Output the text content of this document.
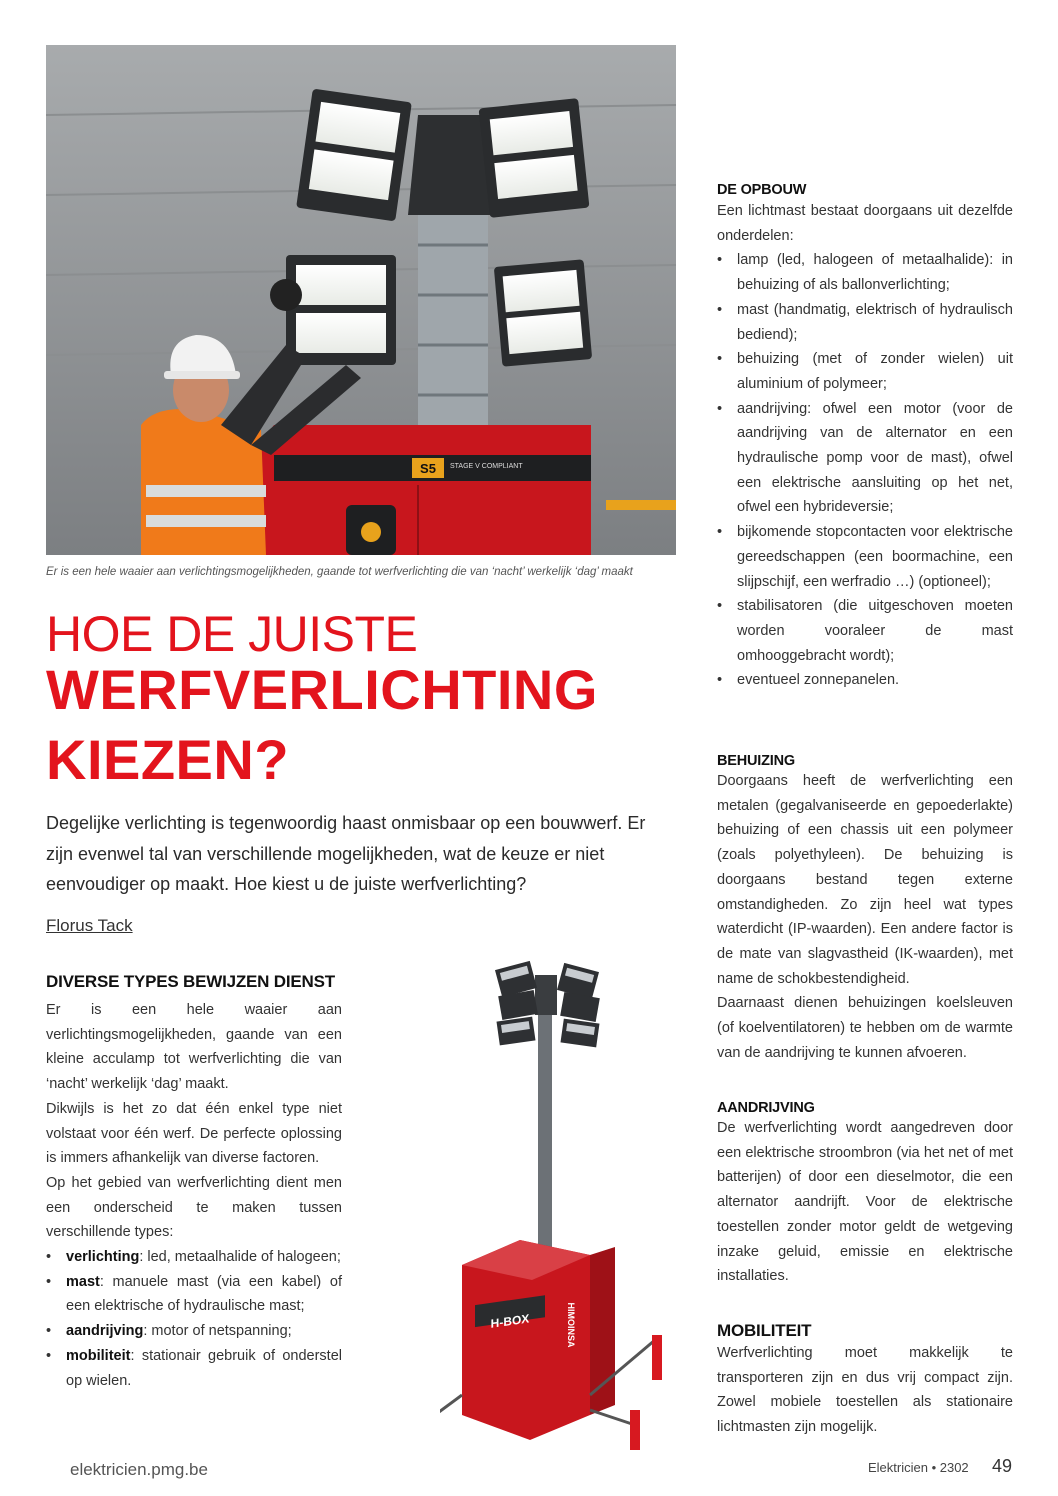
S5 STAGE V COMPLIANT
Er is een hele waaier aan verlichtingsmogelijkheden, gaande tot werfverlichting die van ‘nacht’ werkelijk ‘dag’ maakt
HOE DE JUISTE
WERFVERLICHTING
KIEZEN?
Degelijke verlichting is tegenwoordig haast onmisbaar op een bouwwerf. Er zijn evenwel tal van verschillende mogelijkheden, wat de keuze er niet eenvoudiger op maakt. Hoe kiest u de juiste werfverlichting?
Florus Tack
DIVERSE TYPES BEWIJZEN DIENST

Er is een hele waaier aan verlichtingsmogelijkheden, gaande van een kleine acculamp tot werfverlichting die van ‘nacht’ werkelijk ‘dag’ maakt.

Dikwijls is het zo dat één enkel type niet volstaat voor één werf. De perfecte oplossing is immers afhankelijk van diverse factoren.

Op het gebied van werfverlichting dient men een onderscheid te maken tussen verschillende types:

• verlichting: led, metaalhalide of halogeen;
• mast: manuele mast (via een kabel) of een elektrische of hydraulische mast;
• aandrijving: motor of netspanning;
• mobiliteit: stationair gebruik of onderstel op wielen.
H-BOX	HIMOINSA
DE OPBOUW

Een lichtmast bestaat doorgaans uit dezelfde onderdelen:

• lamp (led, halogeen of metaalhalide): in behuizing of als ballonverlichting;
• mast (handmatig, elektrisch of hydraulisch bediend);
• behuizing (met of zonder wielen) uit aluminium of polymeer;
• aandrijving: ofwel een motor (voor de aandrijving van de alternator en een hydraulische pomp voor de mast), ofwel een elektrische aansluiting op het net, ofwel een hybrideversie;
• bijkomende stopcontacten voor elektrische gereedschappen (een boormachine, een slijpschijf, een werfradio …) (optioneel);
• stabilisatoren (die uitgeschoven moeten worden vooraleer de mast omhooggebracht wordt);
• eventueel zonnepanelen.
BEHUIZING

Doorgaans heeft de werfverlichting een metalen (gegalvaniseerde en gepoederlakte) behuizing of een chassis uit een polymeer (zoals polyethyleen). De behuizing is doorgaans bestand tegen externe omstandigheden. Zo zijn heel wat types waterdicht (IP-waarden). Een andere factor is de mate van slagvastheid (IK-waarden), met name de schokbestendigheid.

Daarnaast dienen behuizingen koelsleuven (of koelventilatoren) te hebben om de warmte van de aandrijving te kunnen afvoeren.

AANDRIJVING

De werfverlichting wordt aangedreven door een elektrische stroombron (via het net of met batterijen) of door een dieselmotor, die een alternator aandrijft. Voor de elektrische toestellen zonder motor geldt de wetgeving inzake geluid, emissie en elektrische installaties.

MOBILITEIT

Werfverlichting moet makkelijk te transporteren zijn en dus vrij compact zijn. Zowel mobiele toestellen als stationaire lichtmasten zijn mogelijk.

elektricien.pmg.be	Elektricien • 2302 49
